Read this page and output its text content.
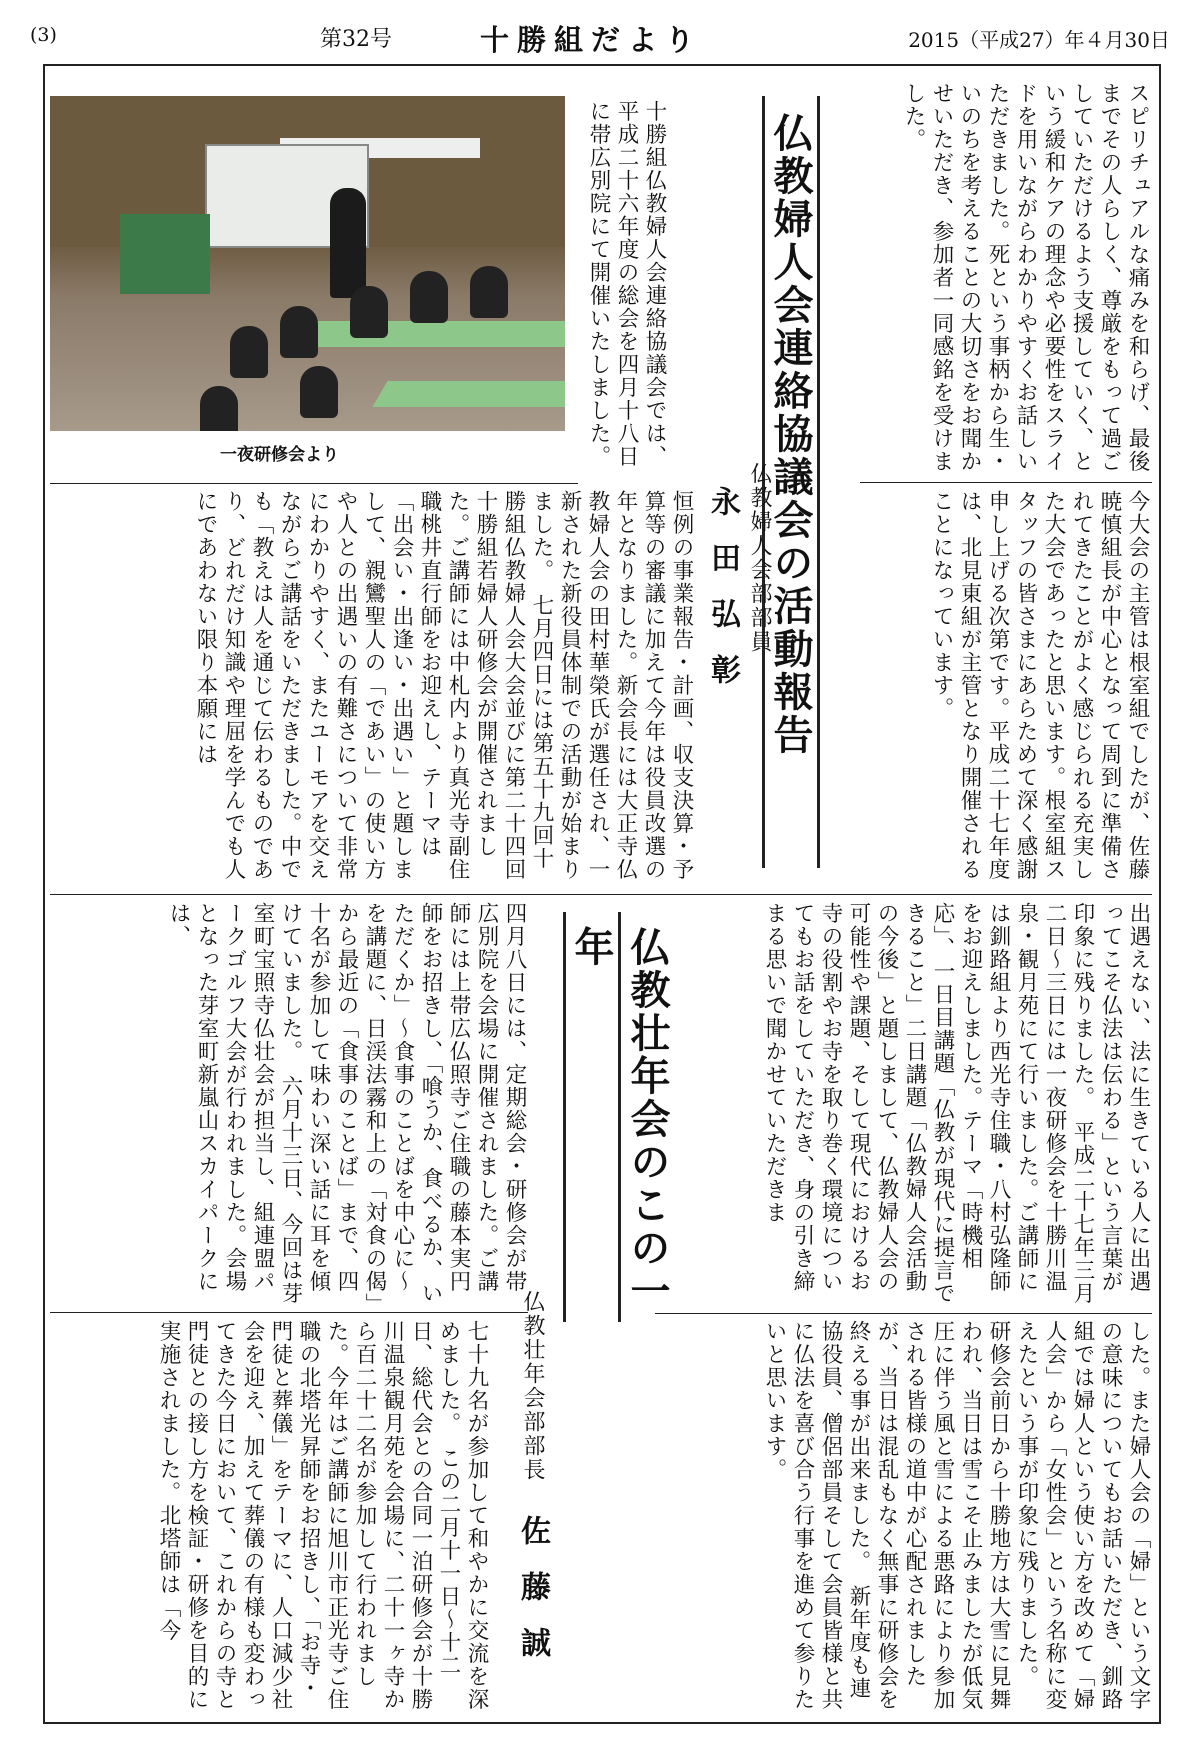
(3)	第32号	十勝組だより	2015（平成27）年４月30日
仏教婦人会連絡協議会の活動報告
仏教婦人会部部員 永田弘彰
一夜研修会より	スピリチュアルな痛みを和らげ、最後までその人らしく、尊厳をもって過ごしていただけるよう支援していく、という緩和ケアの理念や必要性をスライドを用いながらわかりやすくお話しいただきました。死という事柄から生・いのちを考えることの大切さをお聞かせいただき、参加者一同感銘を受けました。
十勝組仏教婦人会連絡協議会では、平成二十六年度の総会を四月十八日に帯広別院にて開催いたしました。
今大会の主管は根室組でしたが、佐藤暁慎組長が中心となって周到に準備されてきたことがよく感じられる充実した大会であったと思います。根室組スタッフの皆さまにあらためて深く感謝申し上げる次第です。平成二十七年度は、北見東組が主管となり開催されることになっています。
恒例の事業報告・計画、収支決算・予算等の審議に加えて今年は役員改選の年となりました。新会長には大正寺仏教婦人会の田村華榮氏が選任され、一新された新役員体制での活動が始まりました。　七月四日には第五十九回十勝組仏教婦人会大会並びに第二十四回十勝組若婦人研修会が開催されました。ご講師には中札内より真光寺副住職桃井直行師をお迎えし、テーマは「出会い・出逢い・出遇い」と題しまして、親鸞聖人の「であい」の使い方や人との出遇いの有難さについて非常にわかりやすく、またユーモアを交えながらご講話をいただきました。中でも「教えは人を通じて伝わるものであり、どれだけ知識や理屈を学んでも人にであわない限り本願には
出遇えない、法に生きている人に出遇ってこそ仏法は伝わる」という言葉が印象に残りました。　平成二十七年三月二日～三日には一夜研修会を十勝川温泉・観月苑にて行いました。ご講師には釧路組より西光寺住職・八村弘隆師をお迎えしました。テーマ「時機相応」、一日目講題「仏教が現代に提言できること」二日講題「仏教婦人会活動の今後」と題しまして、仏教婦人会の可能性や課題、そして現代におけるお寺の役割やお寺を取り巻く環境についてもお話をしていただき、身の引き締まる思いで聞かせていただきま
した。また婦人会の「婦」という文字の意味についてもお話いただき、釧路組では婦人という使い方を改めて「婦人会」から「女性会」という名称に変えたという事が印象に残りました。　研修会前日から十勝地方は大雪に見舞われ、当日は雪こそ止みましたが低気圧に伴う風と雪による悪路により参加される皆様の道中が心配されましたが、当日は混乱もなく無事に研修会を終える事が出来ました。　新年度も連協役員、僧侶部員そして会員皆様と共に仏法を喜び合う行事を進めて参りたいと思います。
仏教壮年会のこの一年
四月八日には、定期総会・研修会が帯広別院を会場に開催されました。ご講師には上帯広仏照寺ご住職の藤本実円師をお招きし、「喰うか、食べるか、いただくか」～食事のことばを中心に～を講題に、日渓法霧和上の「対食の偈」から最近の「食事のことば」まで、四十名が参加して味わい深い話に耳を傾けていました。　六月十三日、今回は芽室町宝照寺仏壮会が担当し、組連盟パークゴルフ大会が行われました。会場となった芽室町新嵐山スカイパークには、
仏教壮年会部部長 佐藤誠
七十九名が参加して和やかに交流を深めました。　この二月十一日～十二日、総代会との合同一泊研修会が十勝川温泉観月苑を会場に、二十一ヶ寺から百二十二名が参加して行われました。今年はご講師に旭川市正光寺ご住職の北塔光昇師をお招きし、「お寺・門徒と葬儀」をテーマに、人口減少社会を迎え、加えて葬儀の有様も変わってきた今日において、これからの寺と門徒との接し方を検証・研修を目的に実施されました。北塔師は「今
